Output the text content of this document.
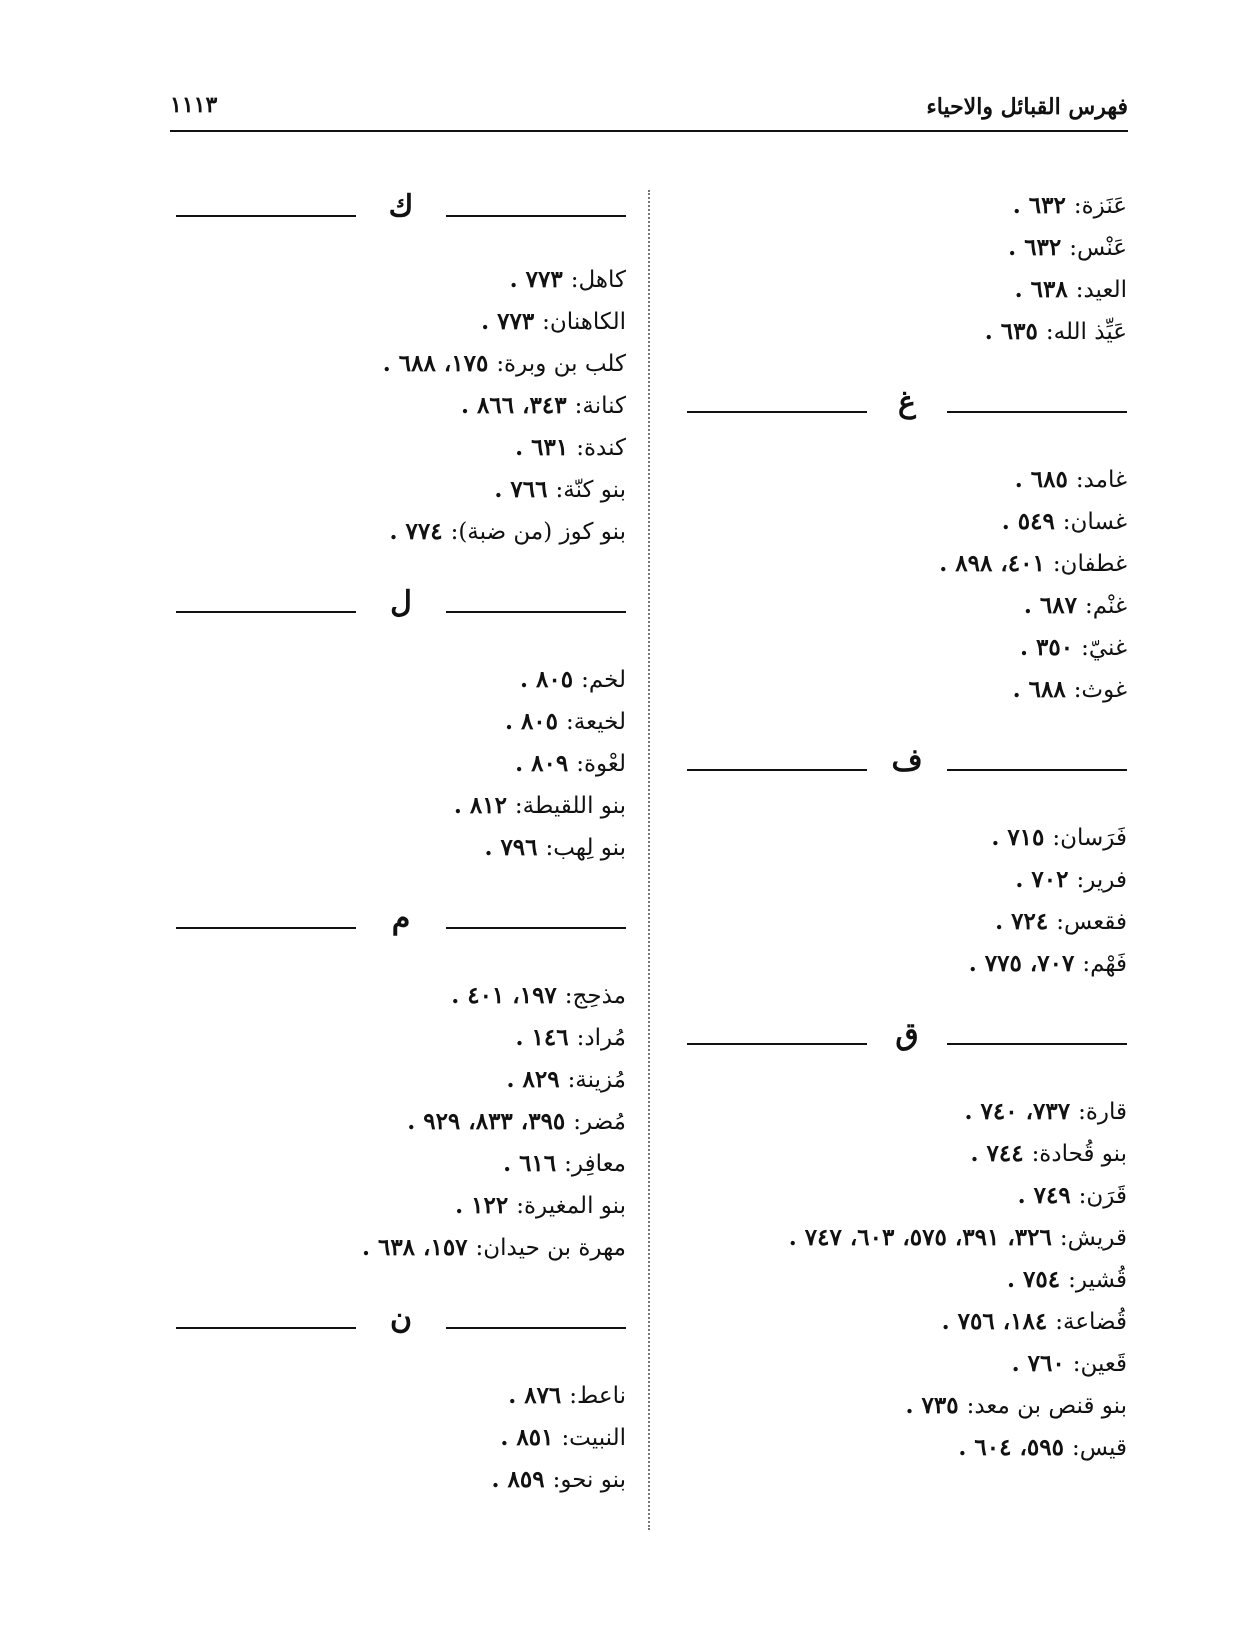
فهرس القبائل والاحياء
١١١٣
عَنَزة:٦٣٢ .
عَنْس:٦٣٢ .
العيد:٦٣٨ .
عَيِّذ الله:٦٣٥ .
غ
غامد:٦٨٥ .
غسان:٥٤٩ .
غطفان:٤٠١، ٨٩٨ .
غنْم:٦٨٧ .
غنيّ:٣٥٠ .
غوث:٦٨٨ .
ف
فَرَسان:٧١٥ .
فرير:٧٠٢ .
فقعس:٧٢٤ .
فَهْم:٧٠٧، ٧٧٥ .
ق
قارة:٧٣٧، ٧٤٠ .
بنو قُحادة:٧٤٤ .
قَرَن:٧٤٩ .
قريش:٣٢٦، ٣٩١، ٥٧٥، ٦٠٣، ٧٤٧ .
قُشير:٧٥٤ .
قُضاعة:١٨٤، ٧٥٦ .
قَعين:٧٦٠ .
بنو قنص بن معد:٧٣٥ .
قيس:٥٩٥، ٦٠٤ .
ك
كاهل:٧٧٣ .
الكاهنان:٧٧٣ .
كلب بن وبرة:١٧٥، ٦٨٨ .
كنانة:٣٤٣، ٨٦٦ .
كندة:٦٣١ .
بنو كنّة:٧٦٦ .
بنو كوز (من ضبة):٧٧٤ .
ل
لخم:٨٠٥ .
لخيعة:٨٠٥ .
لعْوة:٨٠٩ .
بنو اللقيطة:٨١٢ .
بنو لِهب:٧٩٦ .
م
مذحِج:١٩٧، ٤٠١ .
مُراد:١٤٦ .
مُزينة:٨٢٩ .
مُضر:٣٩٥، ٨٣٣، ٩٢٩ .
معافِر:٦١٦ .
بنو المغيرة:١٢٢ .
مهرة بن حيدان:١٥٧، ٦٣٨ .
ن
ناعط:٨٧٦ .
النبيت:٨٥١ .
بنو نحو:٨٥٩ .
